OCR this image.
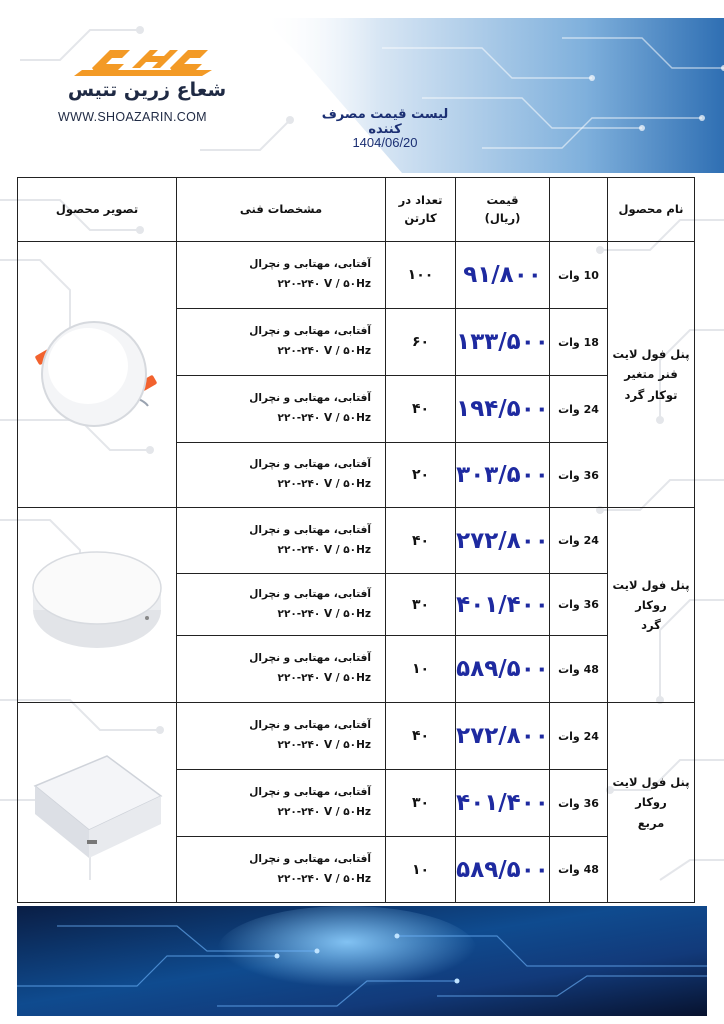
شعاع زرین تتیس
WWW.SHOAZARIN.COM	لیست قیمت مصرف کننده
1404/06/20
نام محصول
قیمت
(ریال)
تعداد در
کارتن
مشخصات فنی
تصویر محصول
پنل فول لایت
فنر متغیر
توکار گرد
10 وات
۹۱/۸۰۰
۱۰۰
آفتابی، مهتابی و نچرال
۲۲۰-۲۴۰ V / ۵۰Hz
18 وات
۱۳۳/۵۰۰
۶۰
آفتابی، مهتابی و نچرال
۲۲۰-۲۴۰ V / ۵۰Hz
24 وات
۱۹۴/۵۰۰
۴۰
آفتابی، مهتابی و نچرال
۲۲۰-۲۴۰ V / ۵۰Hz
36 وات
۳۰۳/۵۰۰
۲۰
آفتابی، مهتابی و نچرال
۲۲۰-۲۴۰ V / ۵۰Hz
پنل فول لایت
روکار
گرد
24 وات
۲۷۲/۸۰۰
۴۰
آفتابی، مهتابی و نچرال
۲۲۰-۲۴۰ V / ۵۰Hz
36 وات
۴۰۱/۴۰۰
۳۰
آفتابی، مهتابی و نچرال
۲۲۰-۲۴۰ V / ۵۰Hz
48 وات
۵۸۹/۵۰۰
۱۰
آفتابی، مهتابی و نچرال
۲۲۰-۲۴۰ V / ۵۰Hz
پنل فول لایت
روکار
مربع
24 وات
۲۷۲/۸۰۰
۴۰
آفتابی، مهتابی و نچرال
۲۲۰-۲۴۰ V / ۵۰Hz
36 وات
۴۰۱/۴۰۰
۳۰
آفتابی، مهتابی و نچرال
۲۲۰-۲۴۰ V / ۵۰Hz
48 وات
۵۸۹/۵۰۰
۱۰
آفتابی، مهتابی و نچرال
۲۲۰-۲۴۰ V / ۵۰Hz
